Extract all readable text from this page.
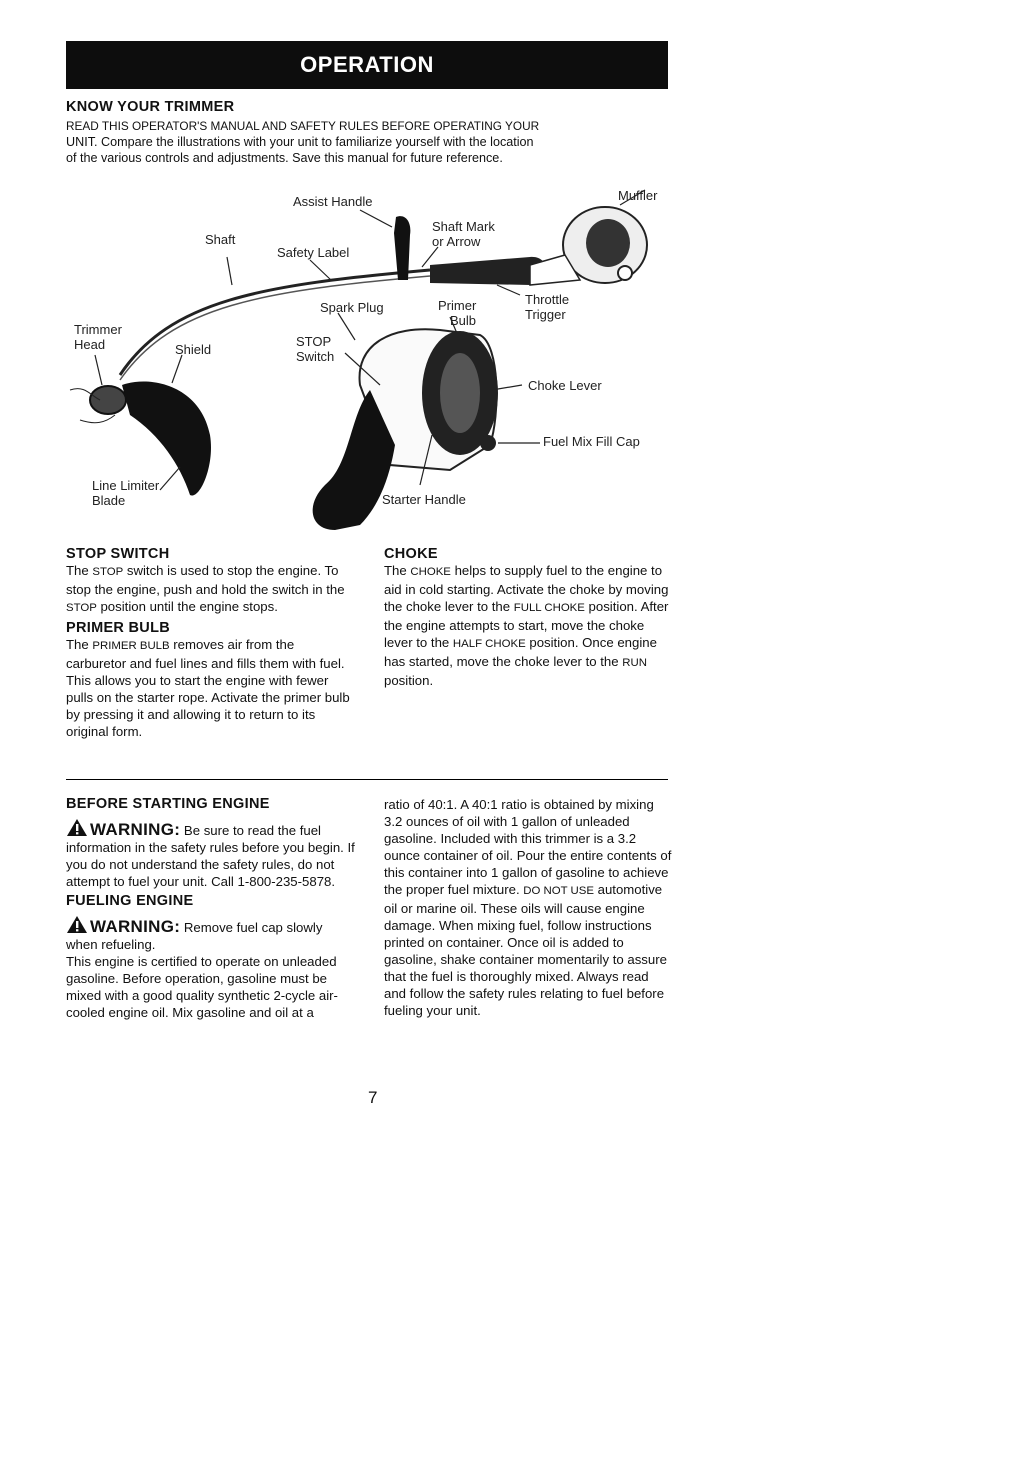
OPERATION
KNOW YOUR TRIMMER
READ THIS OPERATOR'S MANUAL AND SAFETY RULES BEFORE OPERATING YOUR
UNIT. Compare the illustrations with your unit to familiarize yourself with the location
of the various controls and adjustments. Save this manual for future reference.
Assist Handle	Muffler
Shaft
Safety Label
Shaft Mark
or Arrow
Spark Plug	Primer
Bulb
Throttle
Trigger
Trimmer
Head	Shield
STOP
Switch
Choke Lever
Fuel Mix Fill Cap
Line Limiter
Blade	Starter Handle
STOP SWITCH
The STOP switch is used to stop the engine. To stop the engine, push and hold the switch in the STOP position until the engine stops.
PRIMER BULB
The PRIMER BULB removes air from the carburetor and fuel lines and fills them with fuel. This allows you to start the engine with fewer pulls on the starter rope. Activate the primer bulb by pressing it and allowing it to return to its original form.
CHOKE
The CHOKE helps to supply fuel to the engine to aid in cold starting. Activate the choke by moving the choke lever to the FULL CHOKE position. After the engine attempts to start, move the choke lever to the HALF CHOKE position. Once engine has started, move the choke lever to the RUN position.
BEFORE STARTING ENGINE
WARNING: Be sure to read the fuel information in the safety rules before you begin. If you do not understand the safety rules, do not attempt to fuel your unit. Call 1-800-235-5878.
FUELING ENGINE
WARNING: Remove fuel cap slowly when refueling.
This engine is certified to operate on unleaded gasoline. Before operation, gasoline must be mixed with a good quality synthetic 2-cycle air-cooled engine oil. Mix gasoline and oil at a
ratio of 40:1. A 40:1 ratio is obtained by mixing 3.2 ounces of oil with 1 gallon of unleaded gasoline. Included with this trimmer is a 3.2 ounce container of oil. Pour the entire contents of this container into 1 gallon of gasoline to achieve the proper fuel mixture. DO NOT USE automotive oil or marine oil. These oils will cause engine damage. When mixing fuel, follow instructions printed on container. Once oil is added to gasoline, shake container momentarily to assure that the fuel is thoroughly mixed. Always read and follow the safety rules relating to fuel before fueling your unit.
7
